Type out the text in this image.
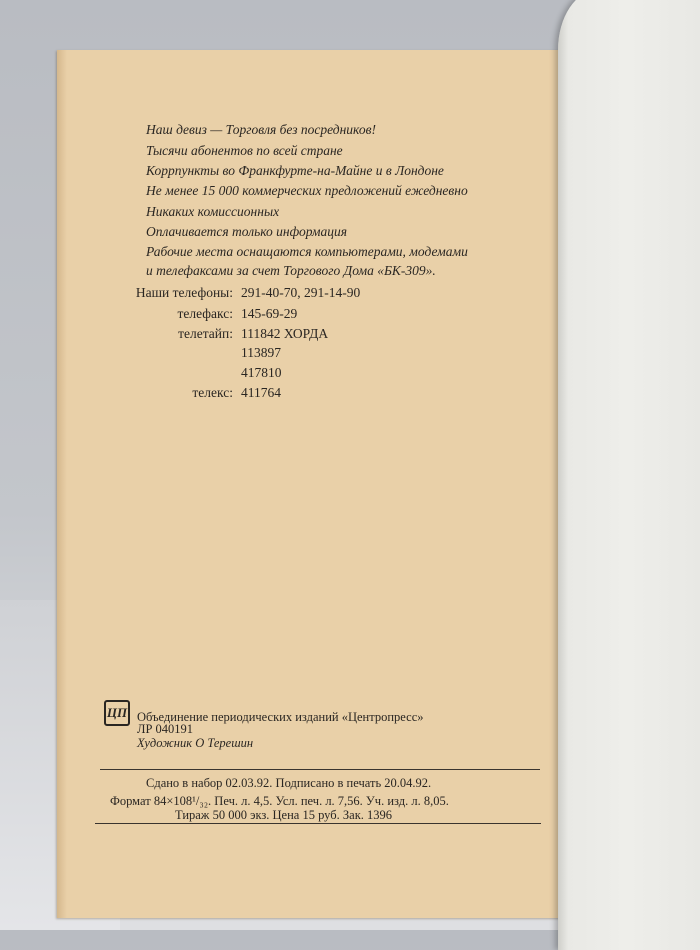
Наш девиз — Торговля без посредников!
Тысячи абонентов по всей стране
Коррпункты во Франкфурте-на-Майне и в Лондоне
Не менее 15 000 коммерческих предложений ежедневно
Никаких комиссионных
Оплачивается только информация
Рабочие места оснащаются компьютерами, модемами
и телефаксами за счет Торгового Дома «БК-309».
Наши телефоны: 291-40-70, 291-14-90
телефакс: 145-69-29
телетайп: 111842 ХОРДА
113897
417810
телекс: 411764
ЦП Объединение периодических изданий «Центропресс»
ЛР 040191
Художник О Терешин
Сдано в набор 02.03.92. Подписано в печать 20.04.92.
Формат 84×108¹/₃₂. Печ. л. 4,5. Усл. печ. л. 7,56. Уч. изд. л. 8,05.
Тираж 50 000 экз. Цена 15 руб. Зак. 1396
